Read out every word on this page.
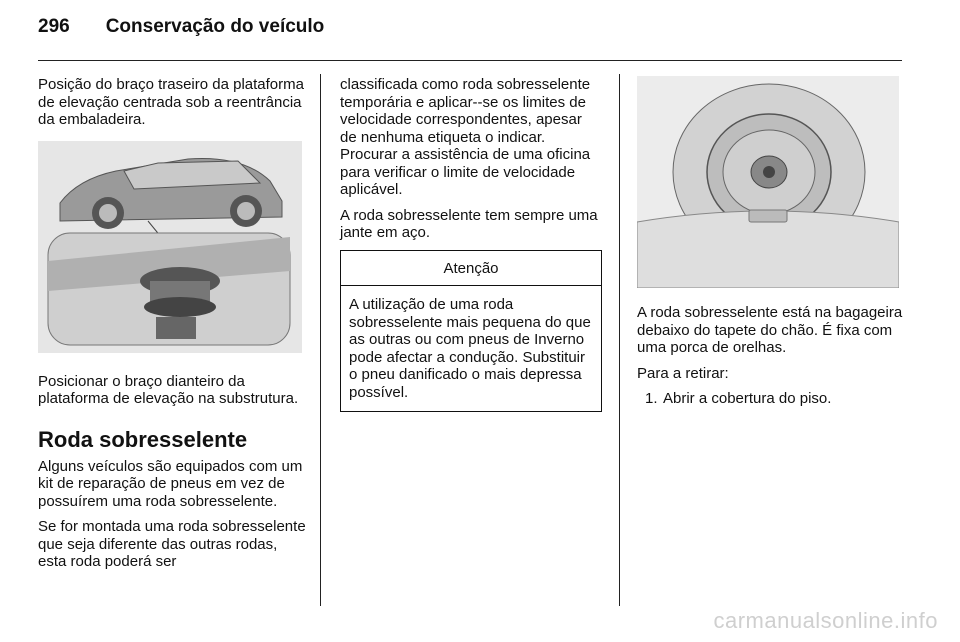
296 Conservação do veículo

Posição do braço traseiro da plataforma de elevação centrada sob a reentrância da embaladeira.

Posicionar o braço dianteiro da plataforma de elevação na substrutura.

Roda sobresselente

Alguns veículos são equipados com um kit de reparação de pneus em vez de possuírem uma roda sobresselente.

Se for montada uma roda sobresselente que seja diferente das outras rodas, esta roda poderá ser

classificada como roda sobresselente temporária e aplicar--se os limites de velocidade correspondentes, apesar de nenhuma etiqueta o indicar. Procurar a assistência de uma oficina para verificar o limite de velocidade aplicável.

A roda sobresselente tem sempre uma jante em aço.

Atenção
A utilização de uma roda sobresselente mais pequena do que as outras ou com pneus de Inverno pode afectar a condução. Substituir o pneu danificado o mais depressa possível.

A roda sobresselente está na bagageira debaixo do tapete do chão. É fixa com uma porca de orelhas.

Para a retirar:

1. Abrir a cobertura do piso.
carmanualsonline.info
